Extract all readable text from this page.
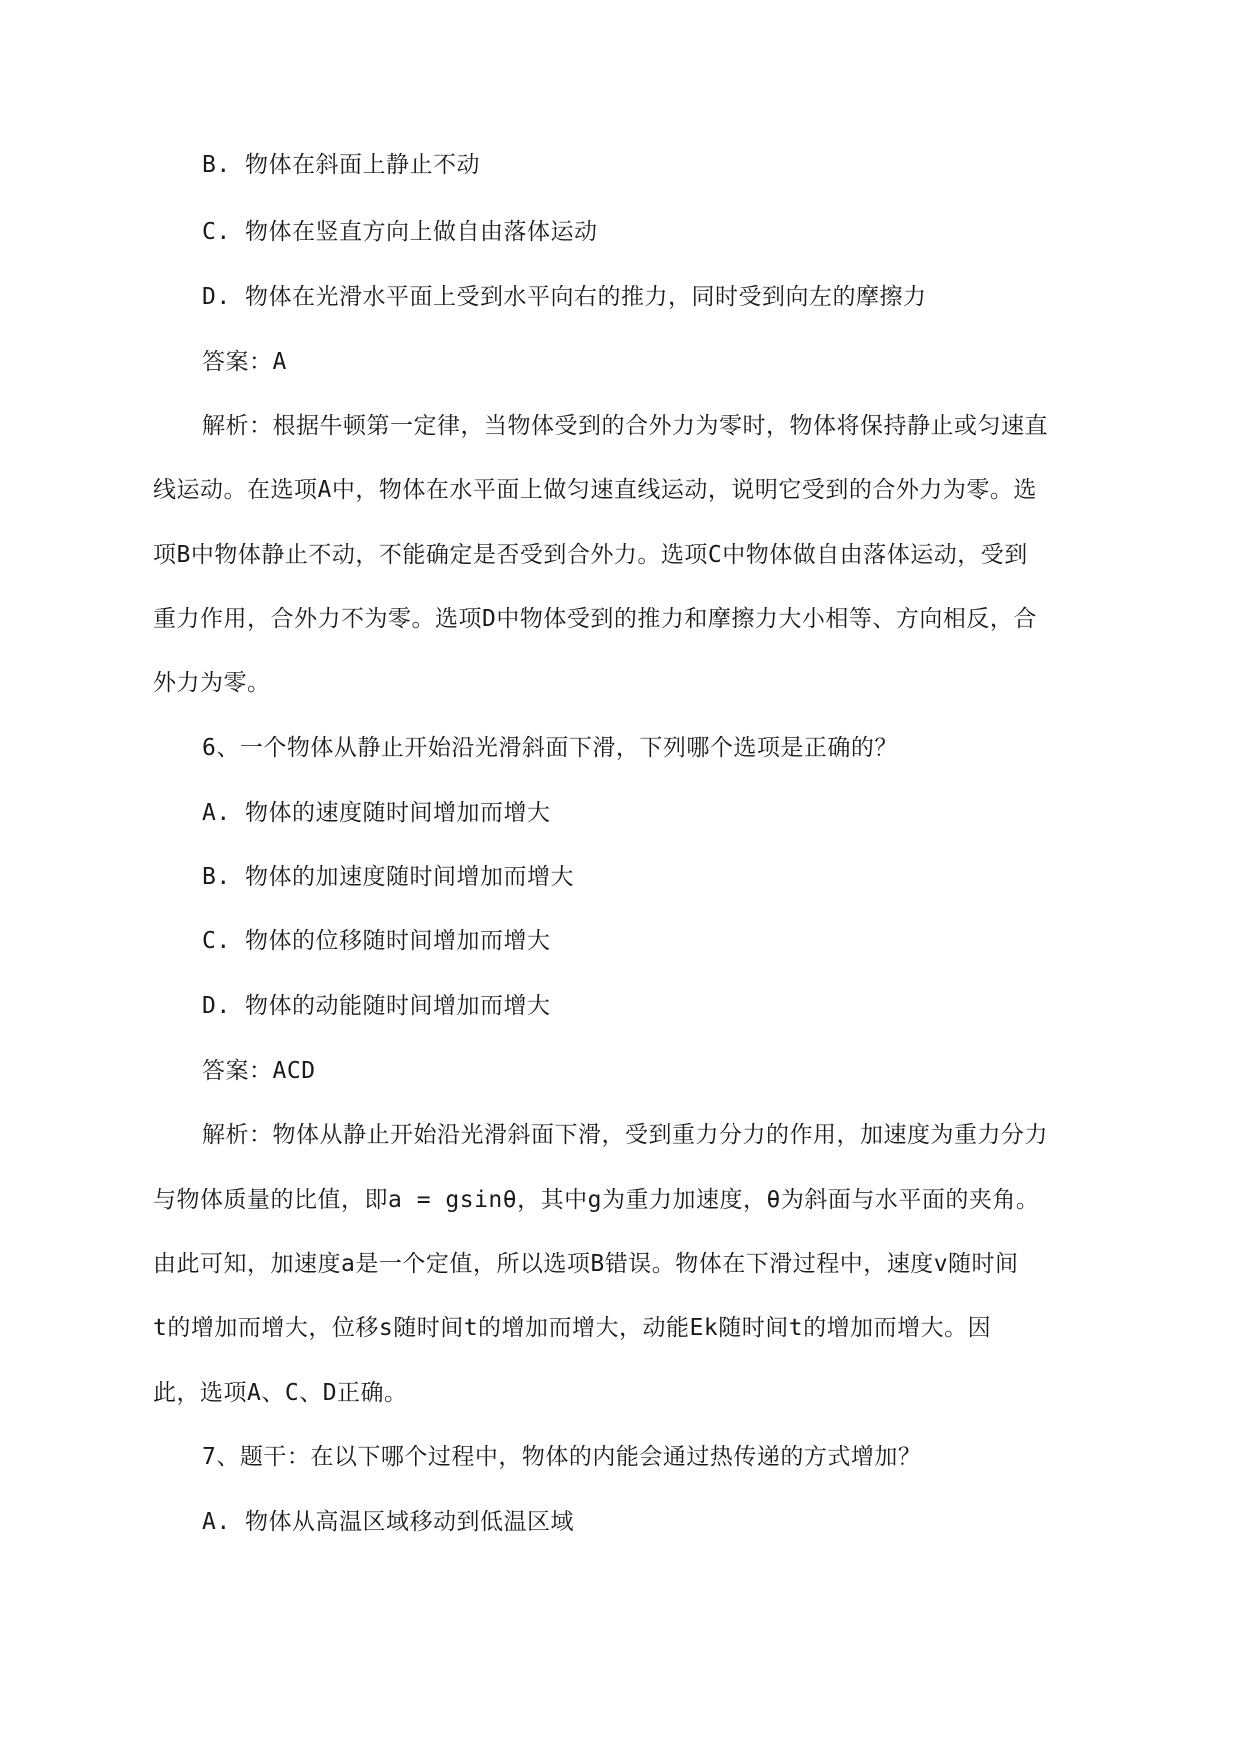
B. 物体在斜面上静止不动
C. 物体在竖直方向上做自由落体运动
D. 物体在光滑水平面上受到水平向右的推力，同时受到向左的摩擦力
答案：A
解析：根据牛顿第一定律，当物体受到的合外力为零时，物体将保持静止或匀速直
线运动。在选项A中，物体在水平面上做匀速直线运动，说明它受到的合外力为零。选
项B中物体静止不动，不能确定是否受到合外力。选项C中物体做自由落体运动，受到
重力作用，合外力不为零。选项D中物体受到的推力和摩擦力大小相等、方向相反，合
外力为零。
6、一个物体从静止开始沿光滑斜面下滑，下列哪个选项是正确的？
A. 物体的速度随时间增加而增大
B. 物体的加速度随时间增加而增大
C. 物体的位移随时间增加而增大
D. 物体的动能随时间增加而增大
答案：ACD
解析：物体从静止开始沿光滑斜面下滑，受到重力分力的作用，加速度为重力分力
与物体质量的比值，即a = gsinθ，其中g为重力加速度，θ为斜面与水平面的夹角。
由此可知，加速度a是一个定值，所以选项B错误。物体在下滑过程中，速度v随时间
t的增加而增大，位移s随时间t的增加而增大，动能Ek随时间t的增加而增大。因
此，选项A、C、D正确。
7、题干：在以下哪个过程中，物体的内能会通过热传递的方式增加？
A. 物体从高温区域移动到低温区域
